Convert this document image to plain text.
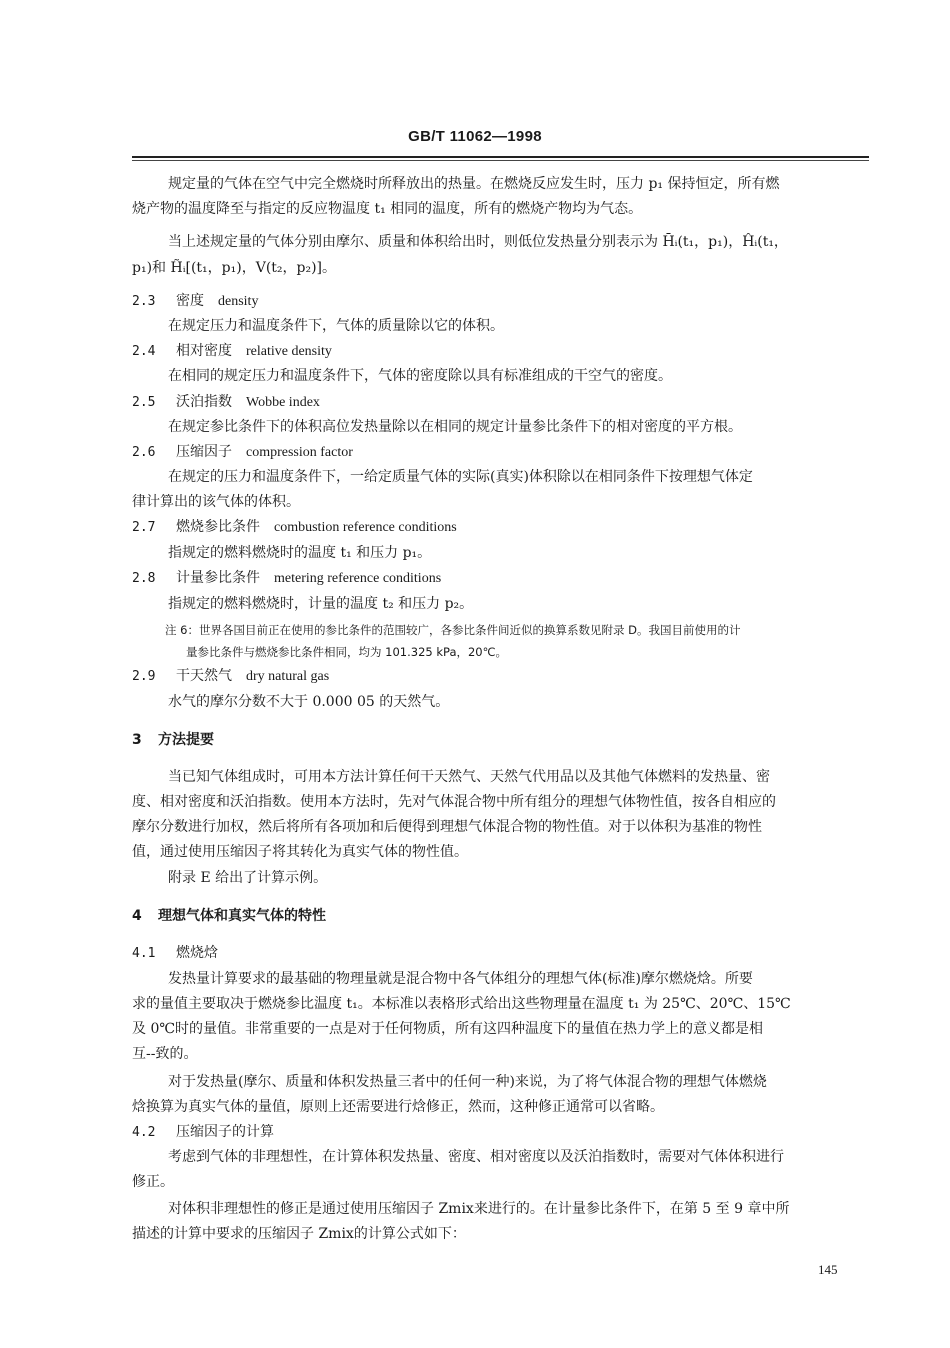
GB/T 11062—1998
规定量的气体在空气中完全燃烧时所释放出的热量。在燃烧反应发生时，压力 p₁ 保持恒定，所有燃
烧产物的温度降至与指定的反应物温度 t₁ 相同的温度，所有的燃烧产物均为气态。
当上述规定量的气体分别由摩尔、质量和体积给出时，则低位发热量分别表示为 H̄ᵢ(t₁，p₁)，Ĥᵢ(t₁，
p₁)和 H̃ᵢ[(t₁，p₁)，V(t₂，p₂)]。
2.3 密度 density
在规定压力和温度条件下，气体的质量除以它的体积。
2.4 相对密度 relative density
在相同的规定压力和温度条件下，气体的密度除以具有标准组成的干空气的密度。
2.5 沃泊指数 Wobbe index
在规定参比条件下的体积高位发热量除以在相同的规定计量参比条件下的相对密度的平方根。
2.6 压缩因子 compression factor
在规定的压力和温度条件下，一给定质量气体的实际(真实)体积除以在相同条件下按理想气体定
律计算出的该气体的体积。
2.7 燃烧参比条件 combustion reference conditions
指规定的燃料燃烧时的温度 t₁ 和压力 p₁。
2.8 计量参比条件 metering reference conditions
指规定的燃料燃烧时，计量的温度 t₂ 和压力 p₂。
注 6：世界各国目前正在使用的参比条件的范围较广，各参比条件间近似的换算系数见附录 D。我国目前使用的计
量参比条件与燃烧参比条件相同，均为 101.325 kPa，20℃。
2.9 干天然气 dry natural gas
水气的摩尔分数不大于 0.000 05 的天然气。
3 方法提要
当已知气体组成时，可用本方法计算任何干天然气、天然气代用品以及其他气体燃料的发热量、密
度、相对密度和沃泊指数。使用本方法时，先对气体混合物中所有组分的理想气体物性值，按各自相应的
摩尔分数进行加权，然后将所有各项加和后便得到理想气体混合物的物性值。对于以体积为基准的物性
值，通过使用压缩因子将其转化为真实气体的物性值。
附录 E 给出了计算示例。
4 理想气体和真实气体的特性
4.1 燃烧焓
发热量计算要求的最基础的物理量就是混合物中各气体组分的理想气体(标准)摩尔燃烧焓。所要
求的量值主要取决于燃烧参比温度 t₁。本标准以表格形式给出这些物理量在温度 t₁ 为 25℃、20℃、15℃
及 0℃时的量值。非常重要的一点是对于任何物质，所有这四种温度下的量值在热力学上的意义都是相
互--致的。
对于发热量(摩尔、质量和体积发热量三者中的任何一种)来说，为了将气体混合物的理想气体燃烧
焓换算为真实气体的量值，原则上还需要进行焓修正，然而，这种修正通常可以省略。
4.2 压缩因子的计算
考虑到气体的非理想性，在计算体积发热量、密度、相对密度以及沃泊指数时，需要对气体体积进行
修正。
对体积非理想性的修正是通过使用压缩因子 Zmix来进行的。在计量参比条件下，在第 5 至 9 章中所
描述的计算中要求的压缩因子 Zmix的计算公式如下：
145
